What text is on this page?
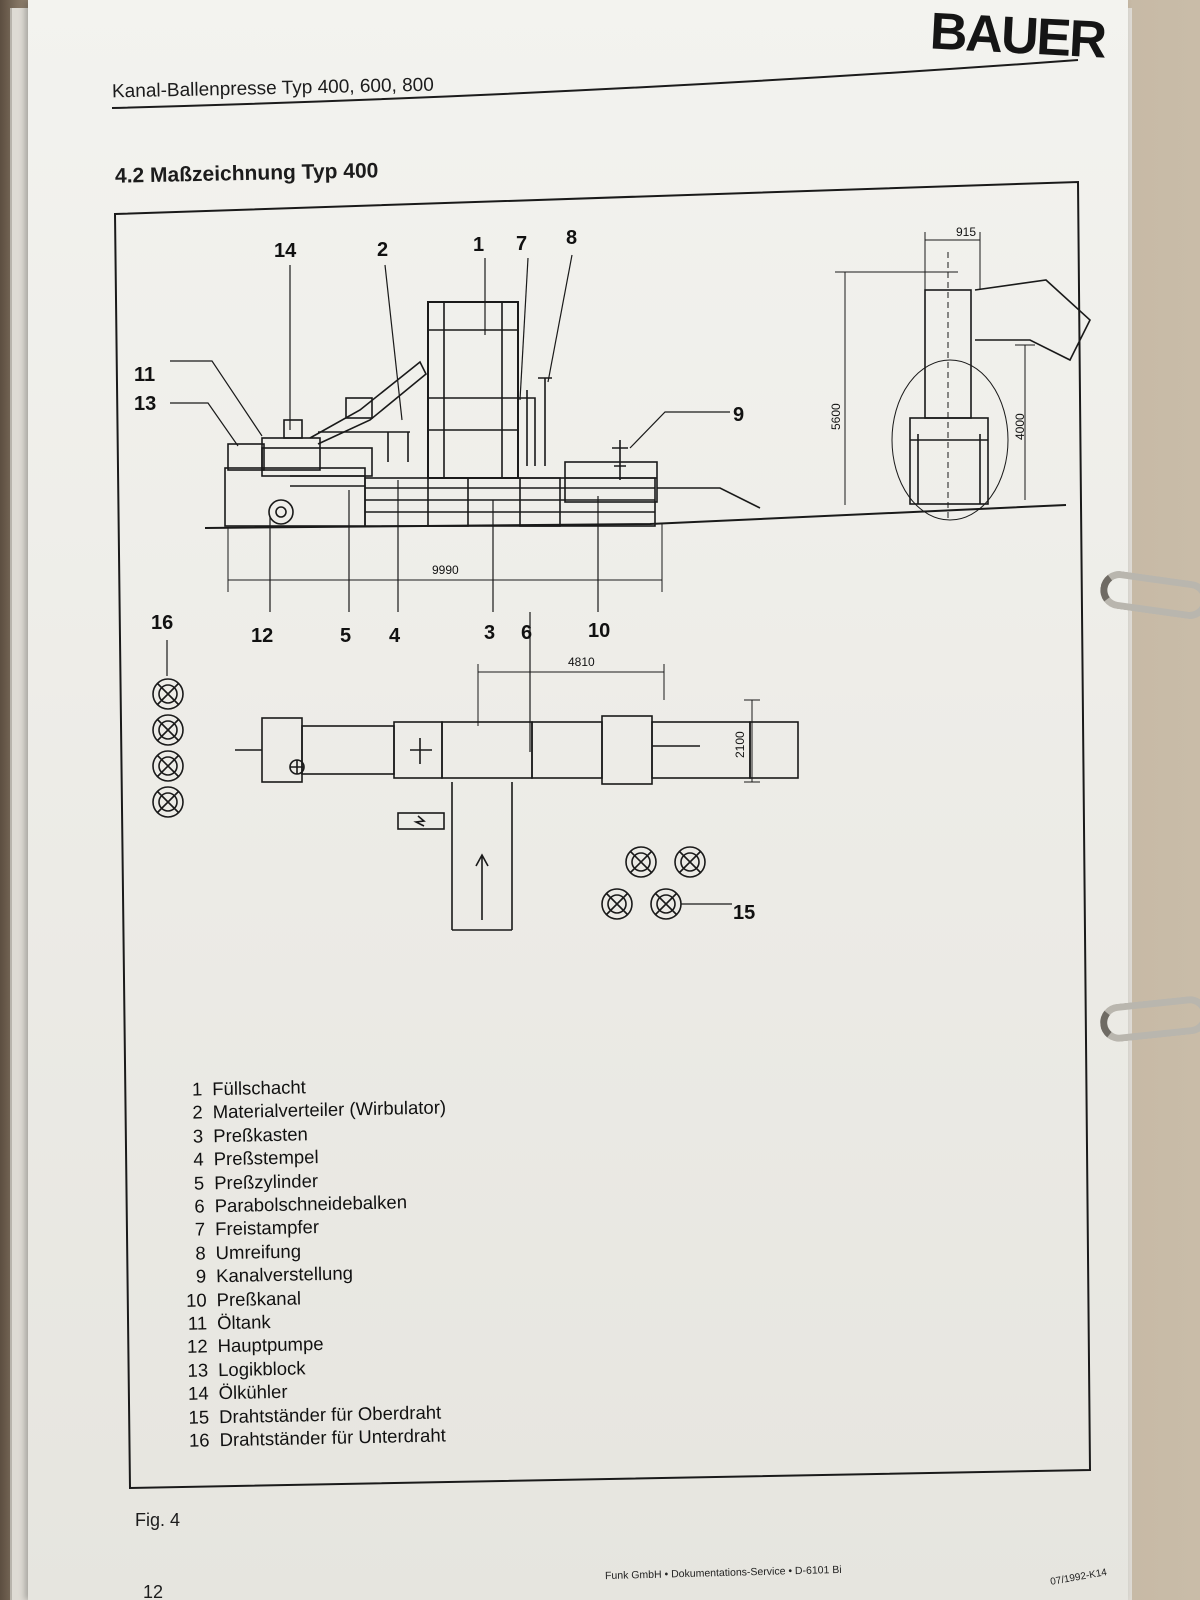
BAUER
Kanal-Ballenpresse Typ 400, 600, 800
4.2 Maßzeichnung Typ 400
14	2	1 7 8
11
13	9
12	5 4	3 6	10
16
15
9990
915
4810
5600	4000
2100
1 Füllschacht
2 Materialverteiler (Wirbulator)
3 Preßkasten
4 Preßstempel
5 Preßzylinder
6 Parabolschneidebalken
7 Freistampfer
8 Umreifung
9 Kanalverstellung
10 Preßkanal
11 Öltank
12 Hauptpumpe
13 Logikblock
14 Ölkühler
15 Drahtständer für Oberdraht
16 Drahtständer für Unterdraht
Fig. 4
12
Funk GmbH • Dokumentations-Service • D-6101 Bi	07/1992-K14
